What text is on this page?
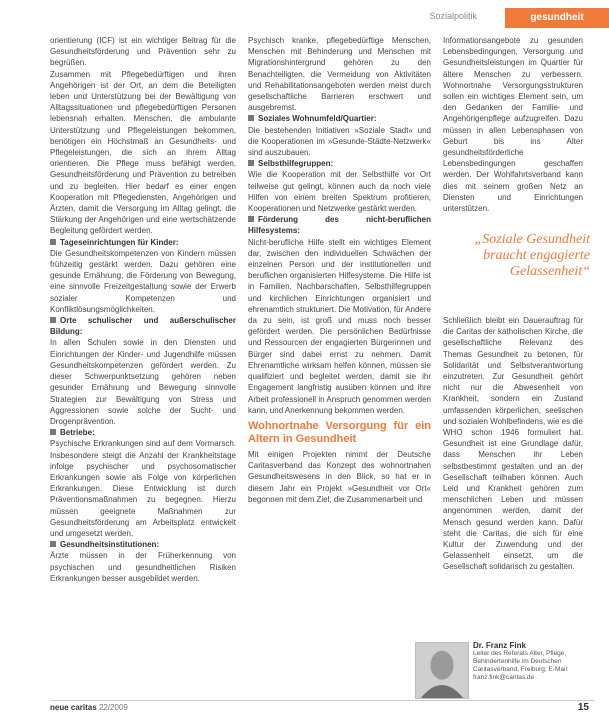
Sozialpolitik	gesundheit

orientierung (ICF) ist ein wichtiger Beitrag für die Gesundheitsförderung und Prävention sehr zu begrüßen.

Zusammen mit Pflegebedürftigen und ihren Angehörigen ist der Ort, an dem die Beteiligten leben und Unterstützung bei der Bewältigung von Alltagssituationen und pflegebedürftigen Personen lebensnah erhalten. Menschen, die ambulante Unterstützung und Pflegeleistungen bekommen, benötigen ein Höchstmaß an Gesundheits- und Pflegeleistungen, die sich an ihrem Alltag orientieren. Die Pflege muss befähigt werden, Gesundheitsförderung und Prävention zu betreiben und zu begleiten. Hier bedarf es einer engen Kooperation mit Pflegediensten, Angehörigen und Ärzten, damit die Versorgung im Alltag gelingt, die Stärkung der Angehörigen und eine wertschätzende Begleitung gefördert werden.

Tageseinrichtungen für Kinder:

Die Gesundheitskompetenzen von Kindern müssen frühzeitig gestärkt werden. Dazu gehören eine gesunde Ernährung, die Förderung von Bewegung, eine sinnvolle Freizeitgestaltung sowie der Erwerb sozialer Kompetenzen und Konfliktlösungsmöglichkeiten.

Orte schulischer und außerschulischer Bildung:

In allen Schulen sowie in den Diensten und Einrichtungen der Kinder- und Jugendhilfe müssen Gesundheitskompetenzen gefördert werden. Zu dieser Schwerpunktsetzung gehören neben gesunder Ernährung und Bewegung sinnvolle Strategien zur Bewältigung von Stress und Aggressionen sowie solche der Sucht- und Drogenprävention.

Betriebe:

Psychische Erkrankungen sind auf dem Vormarsch. Insbesondere steigt die Anzahl der Krankheitstage infolge psychischer und psychosomatischer Erkrankungen sowie als Folge von körperlichen Erkrankungen. Diese Entwicklung ist durch Präventionsmaßnahmen zu begegnen. Hierzu müssen geeignete Maßnahmen zur Gesundheitsförderung am Arbeitsplatz entwickelt und umgesetzt werden.

Gesundheitsinstitutionen:

Ärzte müssen in der Früherkennung von psychischen und gesundheitlichen Risiken Erkrankungen besser ausgebildet werden.

Psychisch kranke, pflegebedürftige Menschen, Menschen mit Behinderung und Menschen mit Migrationshintergrund gehören zu den Benachteiligten, die Vermeidung von Aktivitäten und Rehabilitationsangeboten werden meist durch gesellschaftliche Barrieren erschwert und ausgebremst.

Soziales Wohnumfeld/Quartier:

Die bestehenden Initiativen »Soziale Stadt« und die Kooperationen im »Gesunde-Städte-Netzwerk« sind auszubauen.

Selbsthilfegruppen:

Wie die Kooperation mit der Selbsthilfe vor Ort teilweise gut gelingt, können auch da noch viele Hilfen von einem breiten Spektrum profitieren, Kooperationen und Netzwerke gestärkt werden.

Förderung des nicht-beruflichen Hilfesystems:

Nicht-berufliche Hilfe stellt ein wichtiges Element dar, zwischen den individuellen Schwächen der einzelnen Person und der institutionellen und beruflichen organisierten Hilfesysteme. Die Hilfe ist in Familien, Nachbarschaften, Selbsthilfegruppen und kirchlichen Einrichtungen organisiert und ehrenamtlich strukturiert. Die Motivation, für Andere da zu sein, ist groß und muss noch besser gefördert werden. Die persönlichen Bedürfnisse und Ressourcen der engagierten Bürgerinnen und Bürger sind dabei ernst zu nehmen. Damit Ehrenamtliche wirksam helfen können, müssen sie qualifiziert und begleitet werden, damit sie ihr Engagement langfristig ausüben können und ihre Arbeit professionell in Anspruch genommen werden kann, und Anerkennung bekommen werden.

Wohnortnahe Versorgung für ein Altern in Gesundheit

Mit einigen Projekten nimmt der Deutsche Caritasverband das Konzept des wohnortnahen Gesundheitswesens in den Blick, so hat er in diesem Jahr ein Projekt »Gesundheit vor Ort« begonnen mit dem Ziel, die Zusammenarbeit und

Informationsangebote zu gesunden Lebensbedingungen, Versorgung und Gesundheitsleistungen im Quartier für ältere Menschen zu verbessern. Wohnortnahe Versorgungsstrukturen sollen ein wichtiges Element sein, um den Gedanken der Familie- und Angehörigenpflege aufzugreifen. Dazu müssen in allen Lebensphasen von Geburt bis ins Alter gesundheitsförderliche Lebensbedingungen geschaffen werden. Der Wohlfahrtsverband kann dies mit seinem großen Netz an Diensten und Einrichtungen unterstützen.

„Soziale Gesundheit braucht engagierte Gelassenheit“

Schließlich bleibt ein Dauerauftrag für die Caritas der katholischen Kirche, die gesellschaftliche Relevanz des Themas Gesundheit zu betonen, für Solidarität und Selbstverantwortung einzutreten. Zur Gesundheit gehört nicht nur die Abwesenheit von Krankheit, sondern ein Zustand umfassenden körperlichen, seelischen und sozialen Wohlbefindens, wie es die WHO schon 1946 formuliert hat. Gesundheit ist eine Grundlage dafür, dass Menschen ihr Leben selbstbestimmt gestalten und an der Gesellschaft teilhaben können. Auch Leid und Krankheit gehören zum menschlichen Leben und müssen angenommen werden, damit der Mensch gesund werden kann. Dafür steht die Caritas, die sich für eine Kultur der Zuwendung und der Gelassenheit einsetzt, um die Gesellschaft solidarisch zu gestalten.

Dr. Franz Fink
Leiter des Referats Alter, Pflege, Behindertenhilfe im Deutschen Caritasverband, Freiburg; E-Mail: franz.fink@caritas.de
neue caritas 22/2009	15
